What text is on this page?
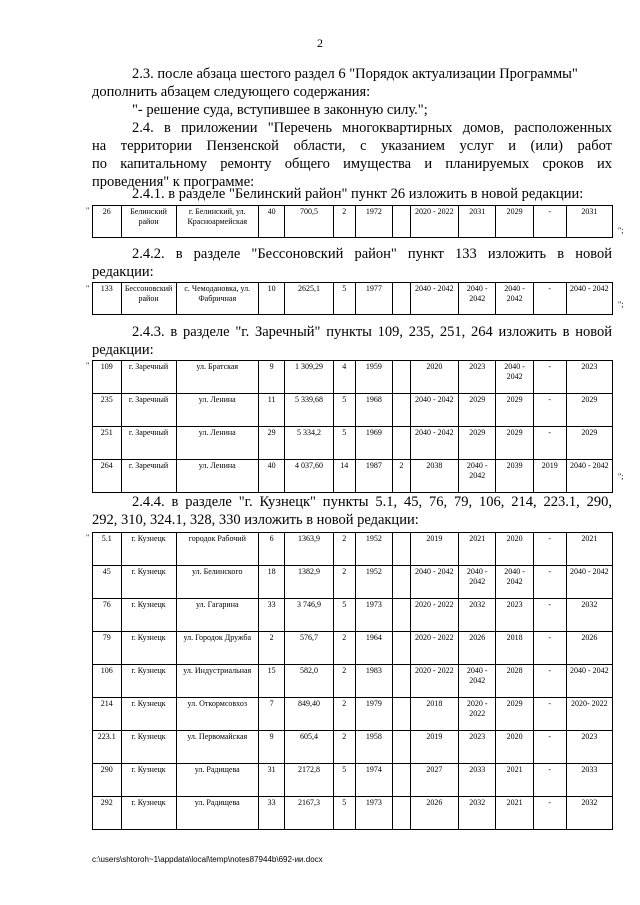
2
2.3. после абзаца шестого раздел 6 "Порядок актуализации Программы"
дополнить абзацем следующего содержания:
"- решение суда, вступившее в законную силу.";
2.4. в приложении "Перечень многоквартирных домов, расположенных
на территории Пензенской области, с указанием услуг и (или) работ
по капитальному ремонту общего имущества и планируемых сроков их
проведения" к программе:
2.4.1. в разделе "Белинский район" пункт 26 изложить в новой редакции:
" 26	Белинский район	г. Белинский, ул. Красноармейская	40	700,5	2	1972		2020 - 2022	2031	2029	-	2031
";
2.4.2. в разделе "Бессоновский район" пункт 133 изложить в новой
редакции:
" 133	Бессоновский район	с. Чемодановка, ул. Фабричная	10	2625,1	5	1977		2040 - 2042	2040 - 2042	2040 - 2042	-	2040 - 2042
";
2.4.3. в разделе "г. Заречный" пункты 109, 235, 251, 264 изложить в новой
редакции:
" 109	г. Заречный	ул. Братская	9	1 309,29	4	1959		2020	2023	2040 - 2042	-	2023
235	г. Заречный	ул. Ленина	11	5 339,68	5	1968		2040 - 2042	2029	2029	-	2029
251	г. Заречный	ул. Ленина	29	5 334,2	5	1969		2040 - 2042	2029	2029	-	2029
264	г. Заречный	ул. Ленина	40	4 037,60	14	1987	2	2038	2040 - 2042	2039	2019	2040 - 2042
";
2.4.4. в разделе "г. Кузнецк" пункты 5.1, 45, 76, 79, 106, 214, 223.1, 290,
292, 310, 324.1, 328, 330 изложить в новой редакции:
" 5.1	г. Кузнецк	городок Рабочий	6	1363,9	2	1952		2019	2021	2020	-	2021
45	г. Кузнецк	ул. Белинского	18	1382,9	2	1952		2040 - 2042	2040 - 2042	2040 - 2042	-	2040 - 2042
76	г. Кузнецк	ул. Гагарина	33	3 746,9	5	1973		2020 - 2022	2032	2023	-	2032
79	г. Кузнецк	ул. Городок Дружба	2	576,7	2	1964		2020 - 2022	2026	2018	-	2026
106	г. Кузнецк	ул. Индустриальная	15	582,0	2	1983		2020 - 2022	2040 - 2042	2028	-	2040 - 2042
214	г. Кузнецк	ул. Откормсовхоз	7	849,40	2	1979		2018	2020 - 2022	2029	-	2020- 2022
223.1	г. Кузнецк	ул. Первомайская	9	605,4	2	1958		2019	2023	2020	-	2023
290	г. Кузнецк	ул. Радищева	31	2172,8	5	1974		2027	2033	2021	-	2033
292	г. Кузнецк	ул. Радищева	33	2167,3	5	1973		2026	2032	2021	-	2032
c:\users\shtoroh~1\appdata\local\temp\notes87944b\692-ии.docx
